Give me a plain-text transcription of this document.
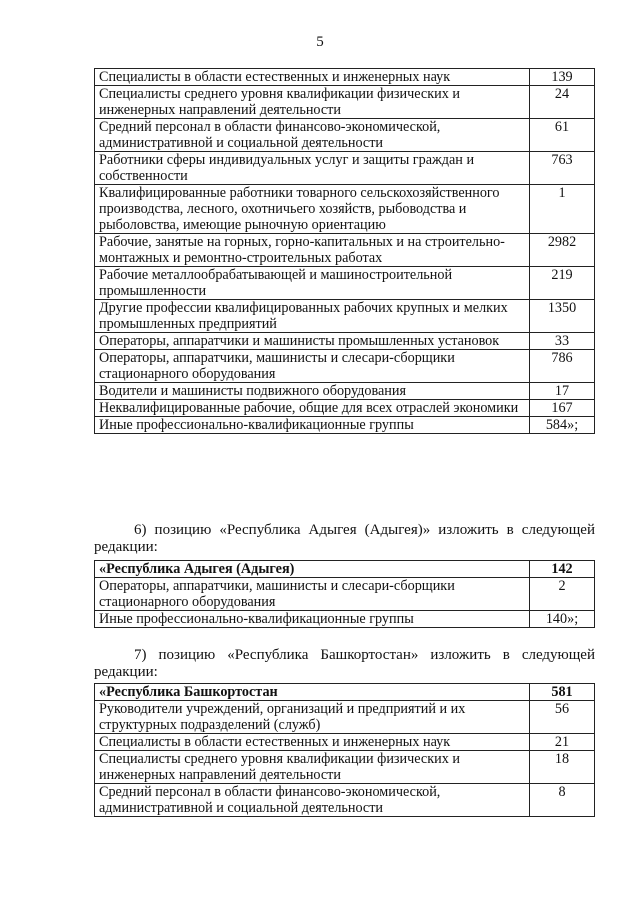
5
Специалисты в области естественных и инженерных наук	139
Специалисты среднего уровня квалификации физических и инженерных направлений деятельности	24
Средний персонал в области финансово-экономической, административной и социальной деятельности	61
Работники сферы индивидуальных услуг и защиты граждан и собственности	763
Квалифицированные работники товарного сельскохозяйственного производства, лесного, охотничьего хозяйств, рыбоводства и рыболовства, имеющие рыночную ориентацию	1
Рабочие, занятые на горных, горно-капитальных и на строительно-монтажных и ремонтно-строительных работах	2982
Рабочие металлообрабатывающей и машиностроительной промышленности	219
Другие профессии квалифицированных рабочих крупных и мелких промышленных предприятий	1350
Операторы, аппаратчики и машинисты промышленных установок	33
Операторы, аппаратчики, машинисты и слесари-сборщики стационарного оборудования	786
Водители и машинисты подвижного оборудования	17
Неквалифицированные рабочие, общие для всех отраслей экономики	167
Иные профессионально-квалификационные группы	584»;
6) позицию «Республика Адыгея (Адыгея)» изложить в следующей
редакции:
«Республика Адыгея (Адыгея)	142
Операторы, аппаратчики, машинисты и слесари-сборщики стационарного оборудования	2
Иные профессионально-квалификационные группы	140»;
7) позицию «Республика Башкортостан» изложить в следующей
редакции:
«Республика Башкортостан	581
Руководители учреждений, организаций и предприятий и их структурных подразделений (служб)	56
Специалисты в области естественных и инженерных наук	21
Специалисты среднего уровня квалификации физических и инженерных направлений деятельности	18
Средний персонал в области финансово-экономической, административной и социальной деятельности	8
